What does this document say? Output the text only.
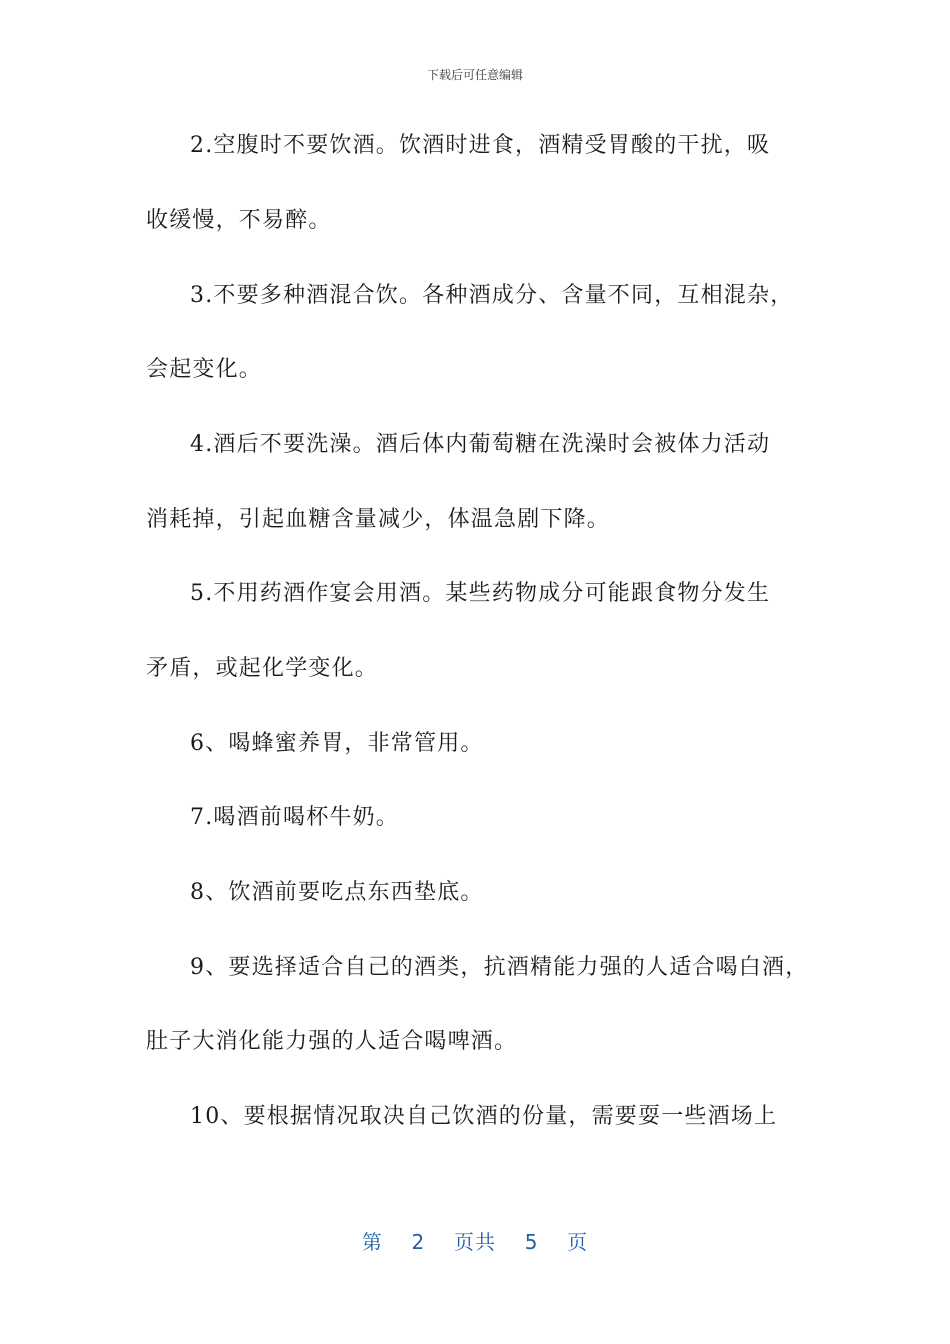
下载后可任意编辑
2.空腹时不要饮酒。饮酒时进食，酒精受胃酸的干扰，吸
收缓慢，不易醉。
3.不要多种酒混合饮。各种酒成分、含量不同，互相混杂，
会起变化。
4.酒后不要洗澡。酒后体内葡萄糖在洗澡时会被体力活动
消耗掉，引起血糖含量减少，体温急剧下降。
5.不用药酒作宴会用酒。某些药物成分可能跟食物分发生
矛盾，或起化学变化。
6、喝蜂蜜养胃，非常管用。
7.喝酒前喝杯牛奶。
8、饮酒前要吃点东西垫底。
9、要选择适合自己的酒类，抗酒精能力强的人适合喝白酒，
肚子大消化能力强的人适合喝啤酒。
10、要根据情况取决自己饮酒的份量，需要耍一些酒场上
第 2 页共 5 页
